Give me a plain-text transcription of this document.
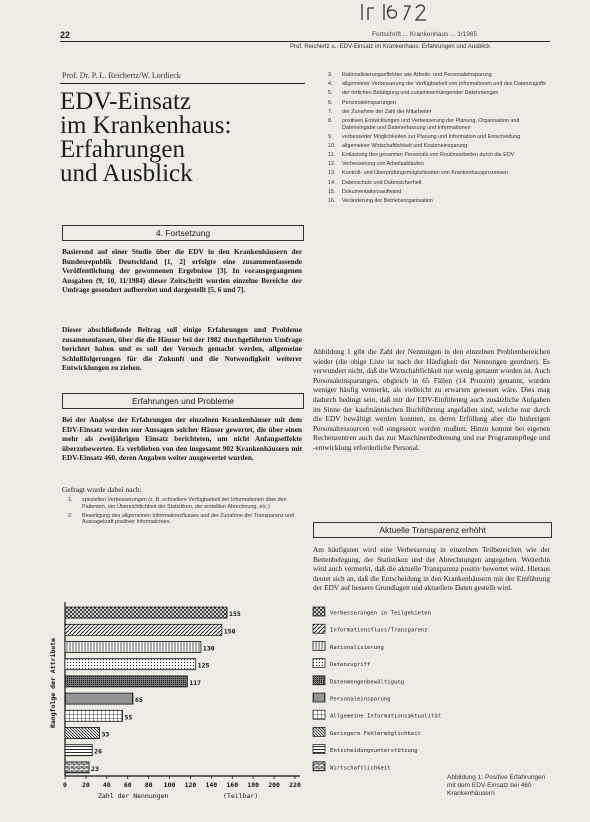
22	Fortschrift ... Krankenhaus ... 1/1985
Prof. Reichertz u.: EDV-Einsatz im Krankenhaus: Erfahrungen und Ausblick
Prof. Dr. P. L. Reichertz/W. Lordieck
EDV-Einsatz
im Krankenhaus:
Erfahrungen
und Ausblick
4. Fortsetzung

Basierend auf einer Studie über die EDV in den Krankenhäusern der Bundesrepublik Deutschland [1, 2] erfolgte eine zusammenfassende Veröffentlichung der gewonnenen Ergebnisse [3]. In vorausgegangenen Ausgaben (9, 10, 11/1984) dieser Zeitschrift wurden einzelne Bereiche der Umfrage gesondert aufbereitet und dargestellt [5, 6 und 7].

Dieser abschließende Beitrag soll einige Erfahrungen und Probleme zusammenfassen, über die die Häuser bei der 1982 durchgeführten Umfrage berichtet haben und es soll der Versuch gemacht werden, allgemeine Schlußfolgerungen für die Zukunft und die Notwendigkeit weiterer Entwicklungen zu ziehen.

Erfahrungen und Probleme

Bei der Analyse der Erfahrungen der einzelnen Krankenhäuser mit dem EDV-Einsatz wurden nur Aussagen solcher Häuser gewertet, die über einen mehr als zweijährigen Einsatz berichteten, um nicht Anfangseffekte überzubewerten. Es verblieben von den insgesamt 902 Krankenhäusern mit EDV-Einsatz 460, deren Angaben weiter ausgewertet wurden.

Gefragt wurde dabei nach:
1.	speziellen Verbesserungen (z. B. schnellere Verfügbarkeit der Informationen über den Patienten, der Übersichtlichkeit der Statistiken, der erstellten Abrechnung, etc.)
2.	Beseitigung des allgemeinen Informationsflusses und der Zunahme der Transparenz und Aussagekraft positiver Informationen.
3.	Rationalisierungseffekten wie Arbeits- und Personaleinsparung
4.	allgemeiner Verbesserung der Verfügbarkeit von Informationen und des Datenzugriffs
5.	der örtlichen Betätigung und zusammenhängender Datenmengen
6.	Personaleinsparungen
7.	der Zunahme der Zahl der Mitarbeiter
8.	positiven Entwicklungen und Verbesserung der Planung, Organisation und Dateneingabe und Datenerfassung und Informationen
9.	verbesserter Möglichkeiten zur Planung und Information und Entscheidung
10.	allgemeiner Wirtschaftlichkeit und Kosteneinsparung
11.	Entlastung des gesamten Personals von Routinearbeiten durch die EDV
12.	Verbesserung von Arbeitsabläufen
13.	Kontroll- und Überprüfungsmöglichkeiten von Krankenhausprozessen
14.	Datenschutz und Datensicherheit
15.	Dokumentationsaufwand
16.	Veränderung der Betriebsorganisation

Abbildung 1 gibt die Zahl der Nennungen in den einzelnen Problembereichen wieder (die obige Liste ist nach der Häufigkeit der Nennungen geordnet). Es verwundert nicht, daß die Wirtschaftlichkeit nur wenig genannt worden ist. Auch Personaleinsparungen, obgleich in 65 Fällen (14 Prozent) genannt, wurden weniger häufig vermerkt, als vielleicht zu erwarten gewesen wäre. Dies mag dadurch bedingt sein, daß mit der EDV-Einführung auch zusätzliche Aufgaben im Sinne der kaufmännischen Buchführung angefallen sind, welche nur durch die EDV bewältigt werden konnten, zu deren Erfüllung aber die bisherigen Personalressourcen voll eingesetzt werden mußten. Hinzu kommt bei eigenen Rechenzentren auch das zur Maschinenbedienung und zur Programmpflege und -entwicklung erforderliche Personal.

Aktuelle Transparenz erhöht

Am häufigsten wird eine Verbesserung in einzelnen Teilbereichen wie der Bettenbelegung, der Statistiken und der Abrechnungen angegeben. Weiterhin wird auch vermerkt, daß die aktuelle Transparenz positiv bewertet wird. Hieraus deutet sich an, daß die Entscheidung in den Krankenhäusern mit der Einführung der EDV auf bessere Grundlagen und aktuellere Daten gestellt wird.

0 20 40 60 80 100 120 140 160 180 200 220
155
150
130
125
117
65
55
33
26
23
Verbesserungen in Teilgebieten
Informationsfluss/Transparenz
Rationalisierung
Datenzugriff
Datenmengenbewältigung
Personaleinsparung
Allgemeine Informationsaktualität
Geringere Fehlermöglichkeit
Entscheidungsunterstützung
Wirtschaftlichkeit
Rangfolge der Attribute
Zahl der Nennungen	(Teilbar)
Abbildung 1: Positive Erfahrungen mit dem EDV-Einsatz bei 460 Krankenhäusern
